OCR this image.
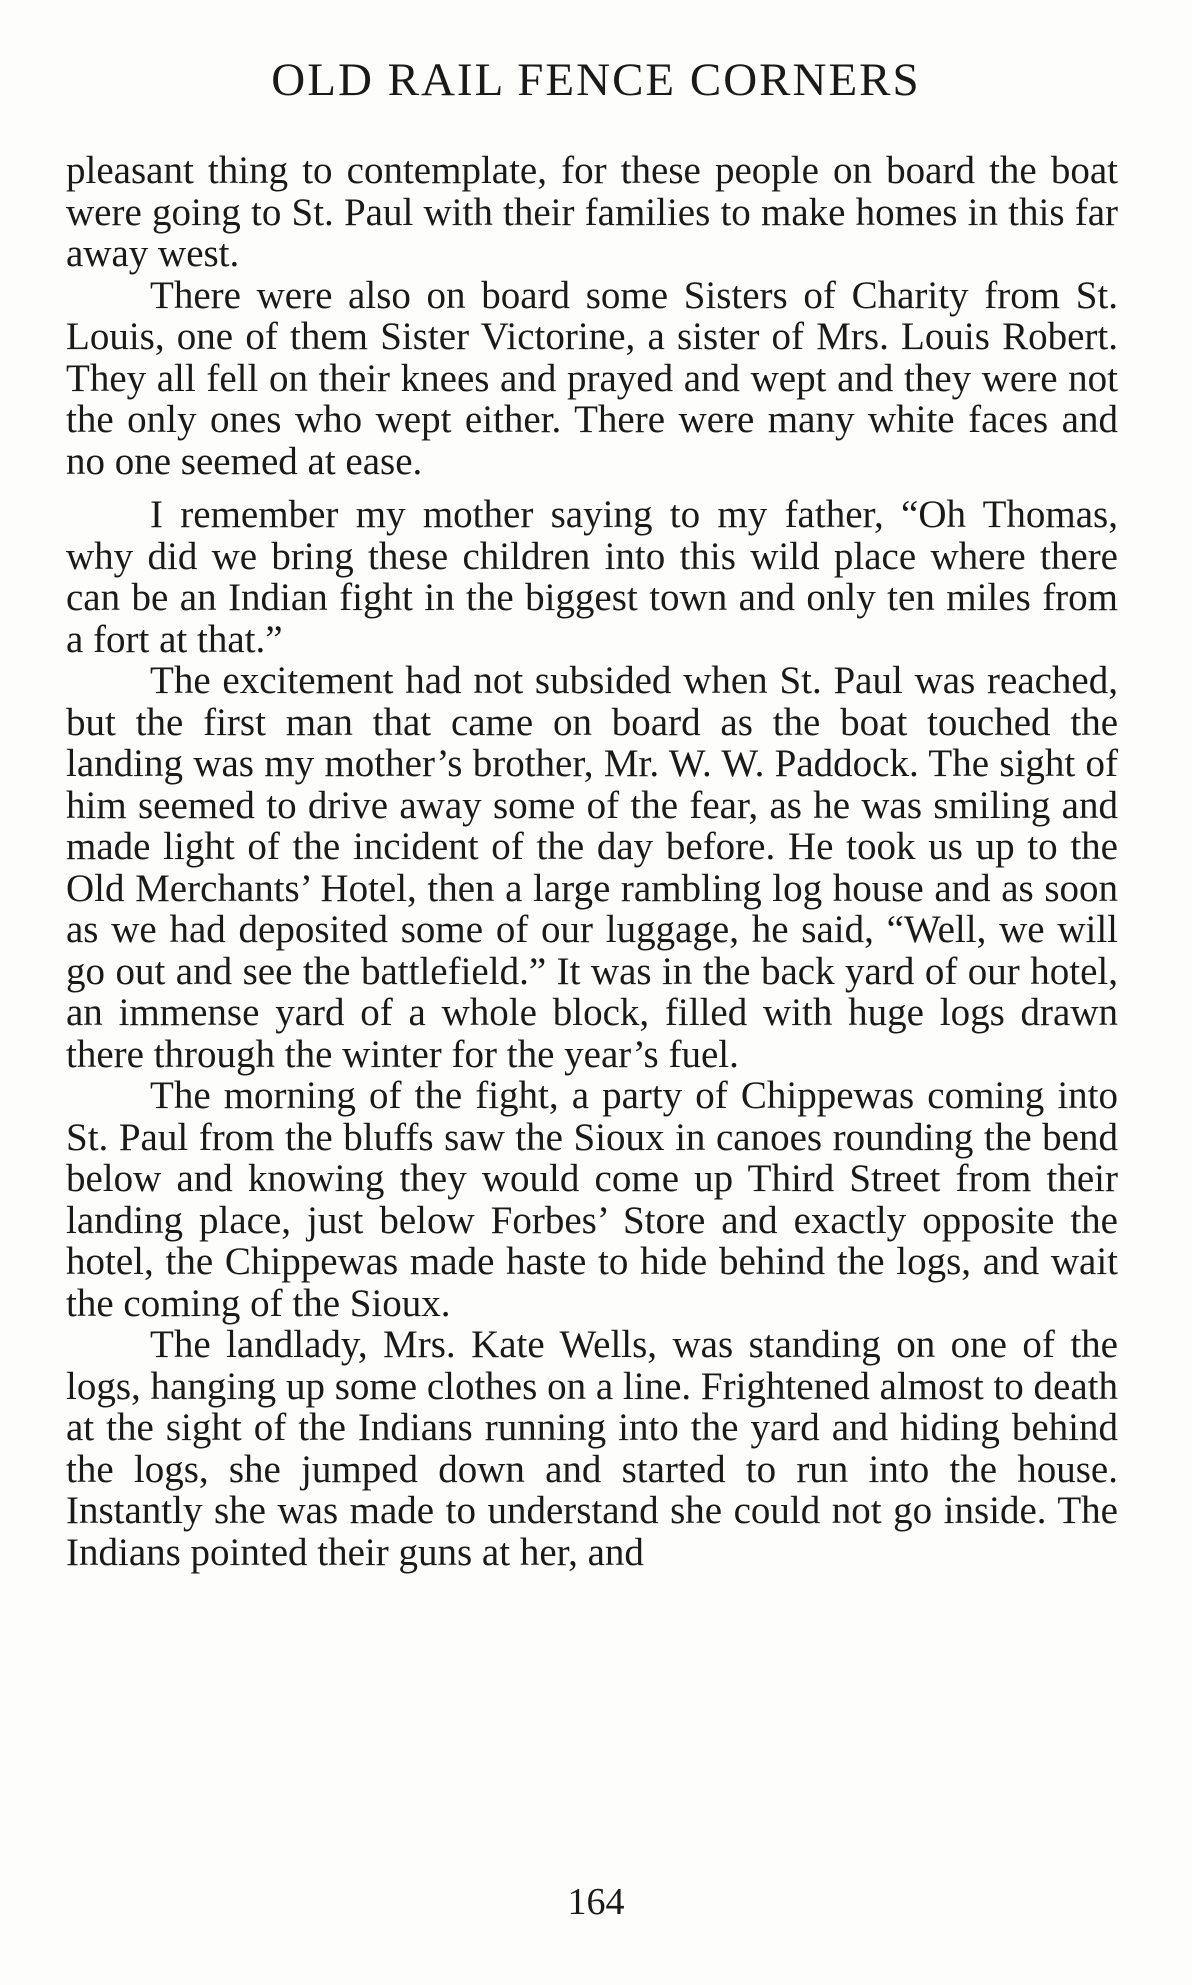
OLD RAIL FENCE CORNERS

pleasant thing to contemplate, for these people on board the boat were going to St. Paul with their families to make homes in this far away west.

There were also on board some Sisters of Charity from St. Louis, one of them Sister Victorine, a sister of Mrs. Louis Robert. They all fell on their knees and prayed and wept and they were not the only ones who wept either. There were many white faces and no one seemed at ease.

I remember my mother saying to my father, “Oh Thomas, why did we bring these children into this wild place where there can be an Indian fight in the biggest town and only ten miles from a fort at that.”

The excitement had not subsided when St. Paul was reached, but the first man that came on board as the boat touched the landing was my mother’s brother, Mr. W. W. Paddock. The sight of him seemed to drive away some of the fear, as he was smiling and made light of the incident of the day before. He took us up to the Old Merchants’ Hotel, then a large rambling log house and as soon as we had deposited some of our luggage, he said, “Well, we will go out and see the battlefield.” It was in the back yard of our hotel, an immense yard of a whole block, filled with huge logs drawn there through the winter for the year’s fuel.

The morning of the fight, a party of Chippewas coming into St. Paul from the bluffs saw the Sioux in canoes rounding the bend below and knowing they would come up Third Street from their landing place, just below Forbes’ Store and exactly opposite the hotel, the Chippewas made haste to hide behind the logs, and wait the coming of the Sioux.

The landlady, Mrs. Kate Wells, was standing on one of the logs, hanging up some clothes on a line. Frightened almost to death at the sight of the Indians running into the yard and hiding behind the logs, she jumped down and started to run into the house. Instantly she was made to understand she could not go inside. The Indians pointed their guns at her, and

164
